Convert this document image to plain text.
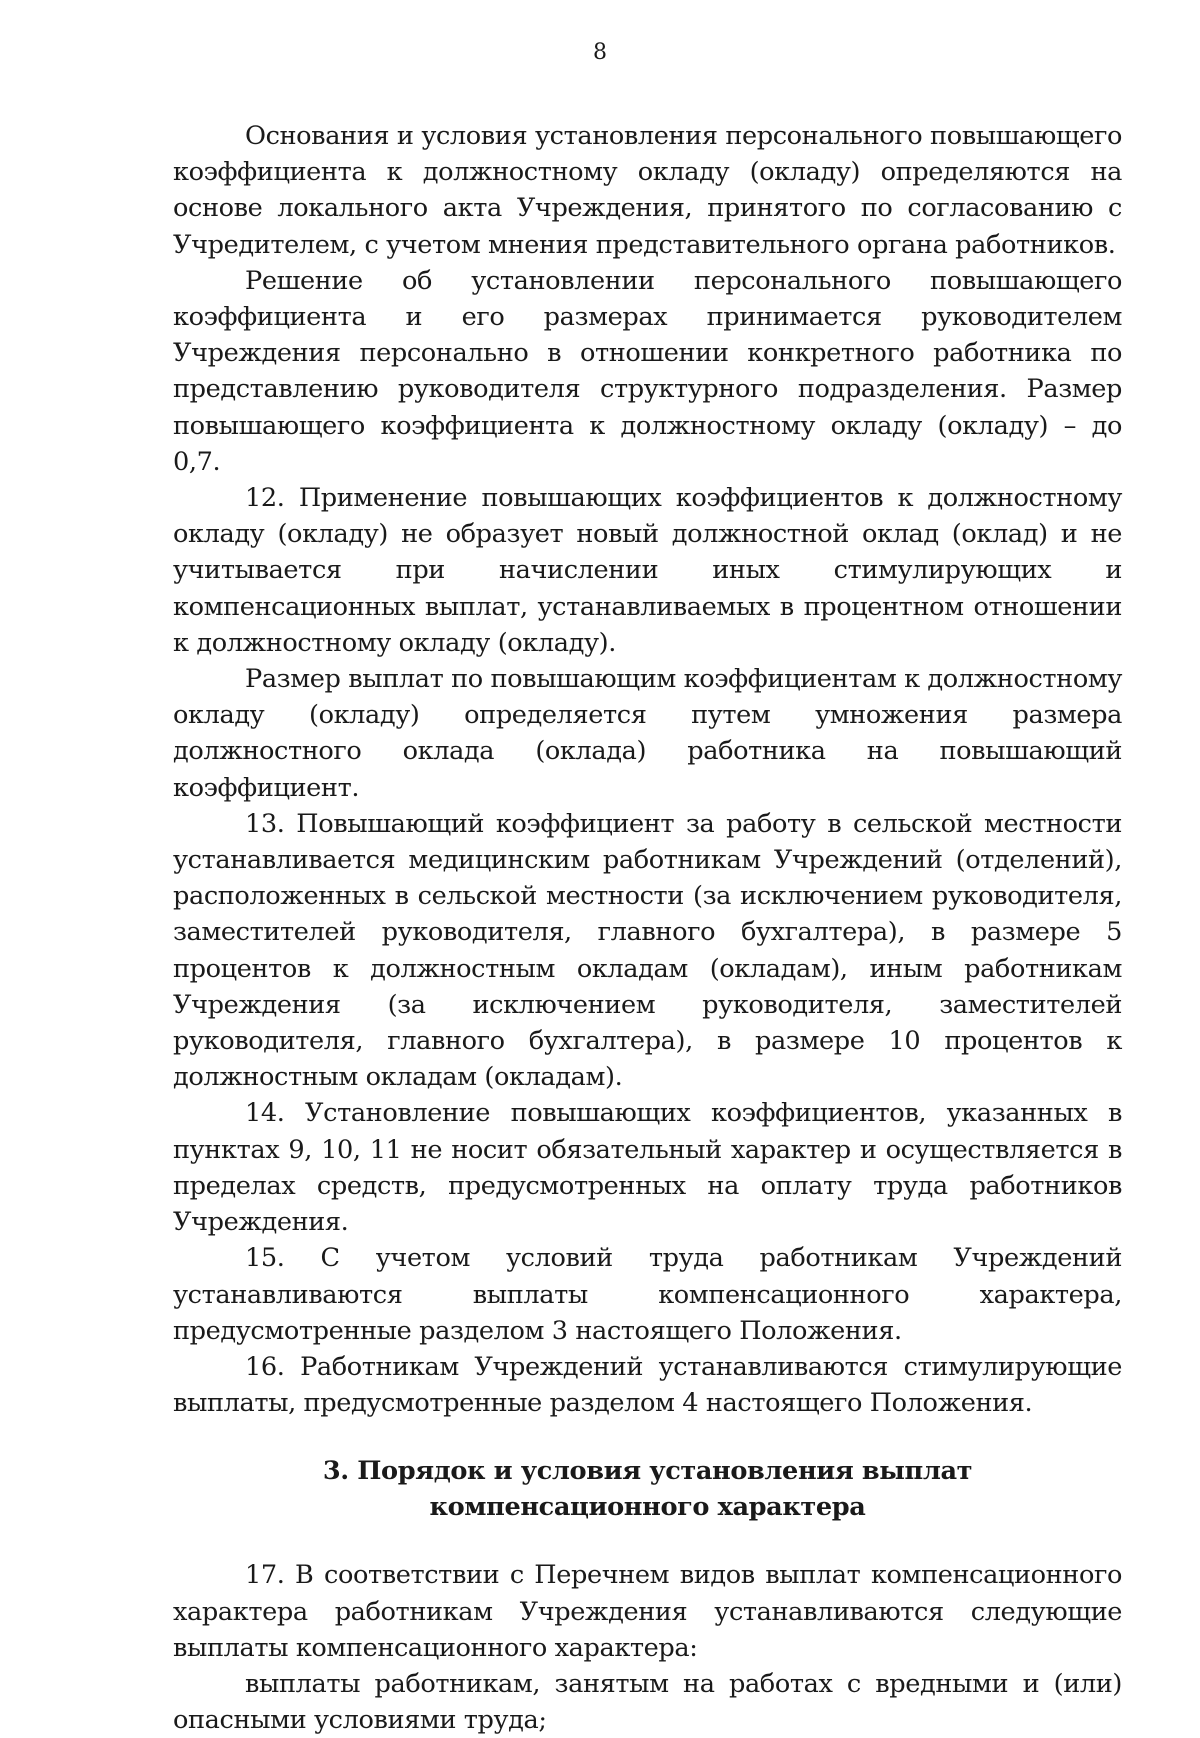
8

Основания и условия установления персонального повышающего коэффициента к должностному окладу (окладу) определяются на основе локального акта Учреждения, принятого по согласованию с Учредителем, с учетом мнения представительного органа работников.

Решение об установлении персонального повышающего коэффициента и его размерах принимается руководителем Учреждения персонально в отношении конкретного работника по представлению руководителя структурного подразделения. Размер повышающего коэффициента к должностному окладу (окладу) – до 0,7.

12. Применение повышающих коэффициентов к должностному окладу (окладу) не образует новый должностной оклад (оклад) и не учитывается при начислении иных стимулирующих и компенсационных выплат, устанавливаемых в процентном отношении к должностному окладу (окладу).

Размер выплат по повышающим коэффициентам к должностному окладу (окладу) определяется путем умножения размера должностного оклада (оклада) работника на повышающий коэффициент.

13. Повышающий коэффициент за работу в сельской местности устанавливается медицинским работникам Учреждений (отделений), расположенных в сельской местности (за исключением руководителя, заместителей руководителя, главного бухгалтера), в размере 5 процентов к должностным окладам (окладам), иным работникам Учреждения (за исключением руководителя, заместителей руководителя, главного бухгалтера), в размере 10 процентов к должностным окладам (окладам).

14. Установление повышающих коэффициентов, указанных в пунктах 9, 10, 11 не носит обязательный характер и осуществляется в пределах средств, предусмотренных на оплату труда работников Учреждения.

15. С учетом условий труда работникам Учреждений устанавливаются выплаты компенсационного характера, предусмотренные разделом 3 настоящего Положения.

16. Работникам Учреждений устанавливаются стимулирующие выплаты, предусмотренные разделом 4 настоящего Положения.

3. Порядок и условия установления выплат
компенсационного характера

17. В соответствии с Перечнем видов выплат компенсационного характера работникам Учреждения устанавливаются следующие выплаты компенсационного характера:

выплаты работникам, занятым на работах с вредными и (или) опасными условиями труда;
